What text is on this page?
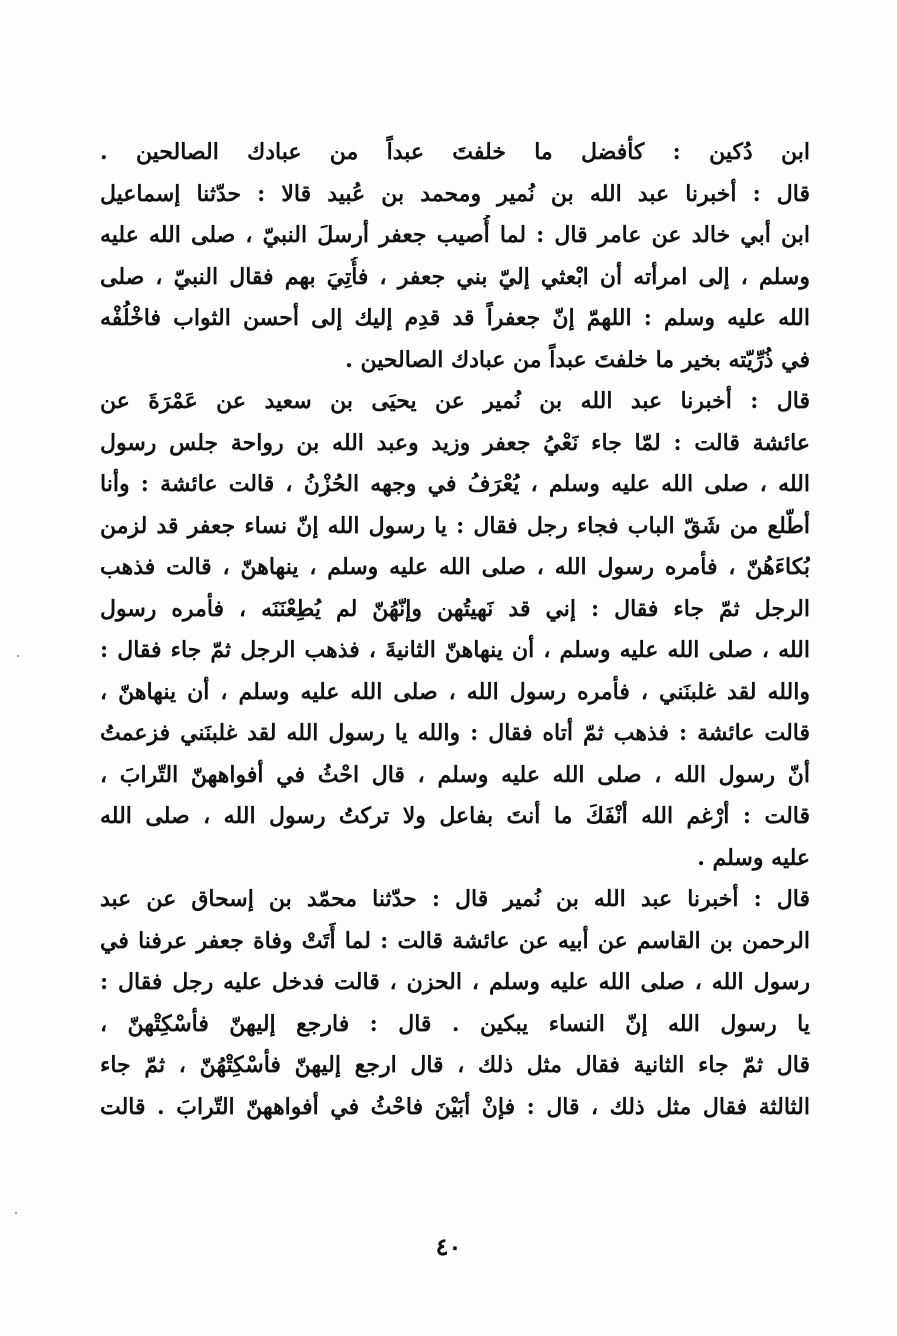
ابن دُكين : كأفضل ما خلفتَ عبداً من عبادك الصالحين .
قال : أخبرنا عبد الله بن نُمير ومحمد بن عُبيد قالا : حدّثنا إسماعيل
ابن أبي خالد عن عامر قال : لما أُصيب جعفر أرسلَ النبيّ ، صلى الله عليه
وسلم ، إلى امرأته أن ابْعثي إليّ بني جعفر ، فأُتِيَ بهم فقال النبيّ ، صلى
الله عليه وسلم : اللهمّ إنّ جعفراً قد قدِم إليك إلى أحسن الثواب فاخْلُفْه
في ذُرِّيّته بخير ما خلفتَ عبداً من عبادك الصالحين .
قال : أخبرنا عبد الله بن نُمير عن يحيَى بن سعيد عن عَمْرَةَ عن
عائشة قالت : لمّا جاء نَعْيُ جعفر وزيد وعبد الله بن رواحة جلس رسول
الله ، صلى الله عليه وسلم ، يُعْرَفُ في وجهه الحُزْنُ ، قالت عائشة : وأنا
أطّلع من شَقّ الباب فجاء رجل فقال : يا رسول الله إنّ نساء جعفر قد لزمن
بُكاءَهُنّ ، فأمره رسول الله ، صلى الله عليه وسلم ، ينهاهنّ ، قالت فذهب
الرجل ثمّ جاء فقال : إني قد نَهيتُهن وإنّهُنّ لم يُطِعْنَنَه ، فأمره رسول
الله ، صلى الله عليه وسلم ، أن ينهاهنّ الثانيةَ ، فذهب الرجل ثمّ جاء فقال :
والله لقد غلبنَني ، فأمره رسول الله ، صلى الله عليه وسلم ، أن ينهاهنّ ،
قالت عائشة : فذهب ثمّ أتاه فقال : والله يا رسول الله لقد غلبنَني فزعمتُ
أنّ رسول الله ، صلى الله عليه وسلم ، قال احْثُ في أفواههنّ التّرابَ ،
قالت : أرْغم الله أنْفَكَ ما أنتَ بفاعل ولا تركتُ رسول الله ، صلى الله
عليه وسلم .
قال : أخبرنا عبد الله بن نُمير قال : حدّثنا محمّد بن إسحاق عن عبد
الرحمن بن القاسم عن أبيه عن عائشة قالت : لما أَتَتْ وفاة جعفر عرفنا في
رسول الله ، صلى الله عليه وسلم ، الحزن ، قالت فدخل عليه رجل فقال :
يا رسول الله إنّ النساء يبكين . قال : فارجع إليهنّ فأسْكِتْهنّ ،
قال ثمّ جاء الثانية فقال مثل ذلك ، قال ارجع إليهنّ فأسْكِتْهُنّ ، ثمّ جاء
الثالثة فقال مثل ذلك ، قال : فإنْ أبَيْنَ فاحْثُ في أفواههنّ التّرابَ . قالت
٤٠
